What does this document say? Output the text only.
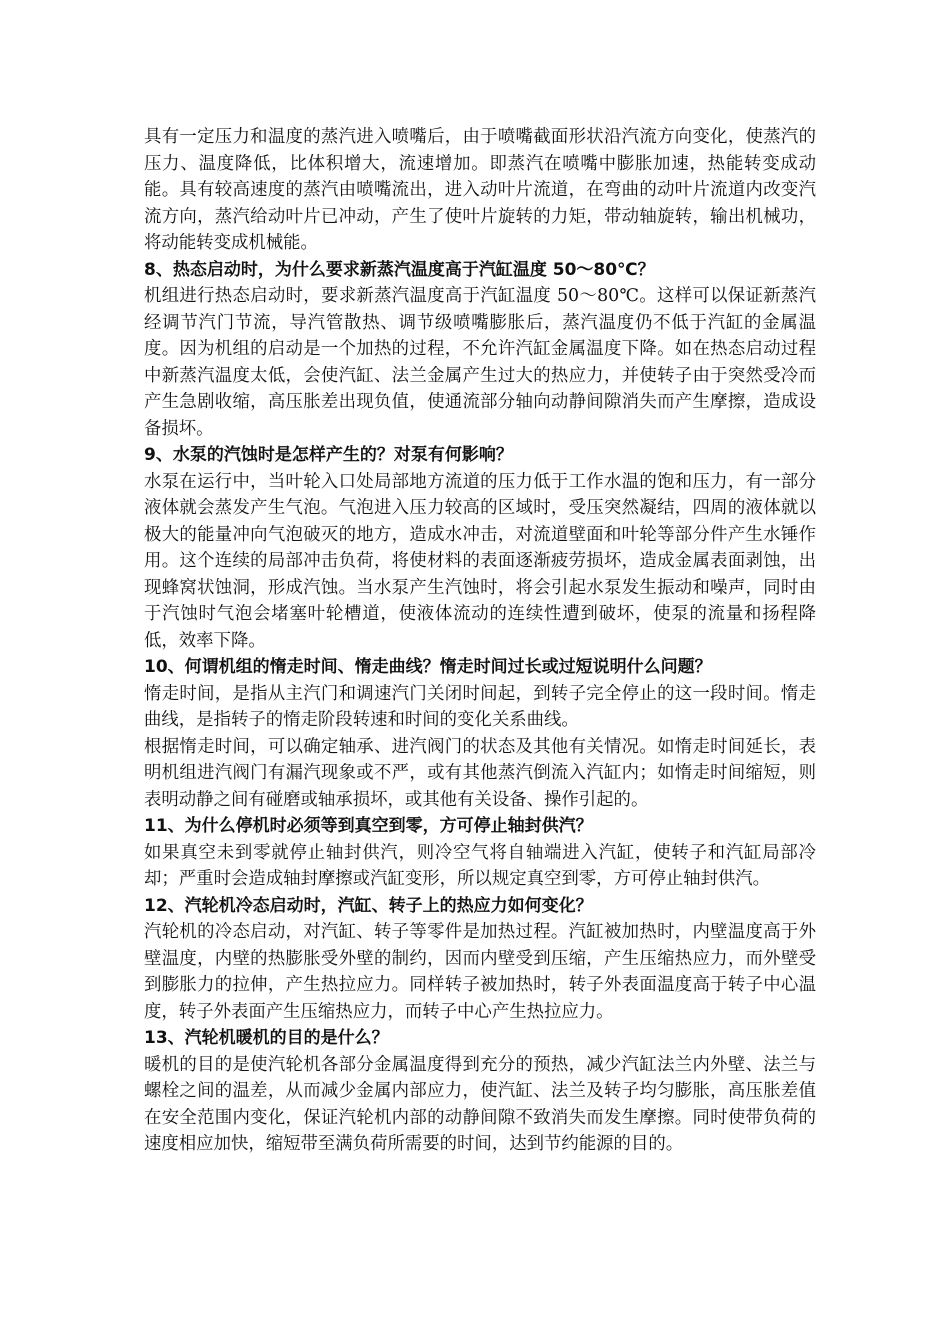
具有一定压力和温度的蒸汽进入喷嘴后，由于喷嘴截面形状沿汽流方向变化，使蒸汽的压力、温度降低，比体积增大，流速增加。即蒸汽在喷嘴中膨胀加速，热能转变成动能。具有较高速度的蒸汽由喷嘴流出，进入动叶片流道，在弯曲的动叶片流道内改变汽流方向，蒸汽给动叶片已冲动，产生了使叶片旋转的力矩，带动轴旋转，输出机械功，将动能转变成机械能。

8、热态启动时，为什么要求新蒸汽温度高于汽缸温度 50～80℃？

机组进行热态启动时，要求新蒸汽温度高于汽缸温度 50～80℃。这样可以保证新蒸汽经调节汽门节流，导汽管散热、调节级喷嘴膨胀后，蒸汽温度仍不低于汽缸的金属温度。因为机组的启动是一个加热的过程，不允许汽缸金属温度下降。如在热态启动过程中新蒸汽温度太低，会使汽缸、法兰金属产生过大的热应力，并使转子由于突然受冷而产生急剧收缩，高压胀差出现负值，使通流部分轴向动静间隙消失而产生摩擦，造成设备损坏。

9、水泵的汽蚀时是怎样产生的？对泵有何影响？

水泵在运行中，当叶轮入口处局部地方流道的压力低于工作水温的饱和压力，有一部分液体就会蒸发产生气泡。气泡进入压力较高的区域时，受压突然凝结，四周的液体就以极大的能量冲向气泡破灭的地方，造成水冲击，对流道壁面和叶轮等部分件产生水锤作用。这个连续的局部冲击负荷，将使材料的表面逐渐疲劳损坏，造成金属表面剥蚀，出现蜂窝状蚀洞，形成汽蚀。当水泵产生汽蚀时，将会引起水泵发生振动和噪声，同时由于汽蚀时气泡会堵塞叶轮槽道，使液体流动的连续性遭到破坏，使泵的流量和扬程降低，效率下降。

10、何谓机组的惰走时间、惰走曲线？惰走时间过长或过短说明什么问题？

惰走时间，是指从主汽门和调速汽门关闭时间起，到转子完全停止的这一段时间。惰走曲线，是指转子的惰走阶段转速和时间的变化关系曲线。

根据惰走时间，可以确定轴承、进汽阀门的状态及其他有关情况。如惰走时间延长，表明机组进汽阀门有漏汽现象或不严，或有其他蒸汽倒流入汽缸内；如惰走时间缩短，则表明动静之间有碰磨或轴承损坏，或其他有关设备、操作引起的。

11、为什么停机时必须等到真空到零，方可停止轴封供汽？

如果真空未到零就停止轴封供汽，则冷空气将自轴端进入汽缸，使转子和汽缸局部冷却；严重时会造成轴封摩擦或汽缸变形，所以规定真空到零，方可停止轴封供汽。

12、汽轮机冷态启动时，汽缸、转子上的热应力如何变化？

汽轮机的冷态启动，对汽缸、转子等零件是加热过程。汽缸被加热时，内壁温度高于外壁温度，内壁的热膨胀受外壁的制约，因而内壁受到压缩，产生压缩热应力，而外壁受到膨胀力的拉伸，产生热拉应力。同样转子被加热时，转子外表面温度高于转子中心温度，转子外表面产生压缩热应力，而转子中心产生热拉应力。

13、汽轮机暖机的目的是什么？

暖机的目的是使汽轮机各部分金属温度得到充分的预热，减少汽缸法兰内外壁、法兰与螺栓之间的温差，从而减少金属内部应力，使汽缸、法兰及转子均匀膨胀，高压胀差值在安全范围内变化，保证汽轮机内部的动静间隙不致消失而发生摩擦。同时使带负荷的速度相应加快，缩短带至满负荷所需要的时间，达到节约能源的目的。
